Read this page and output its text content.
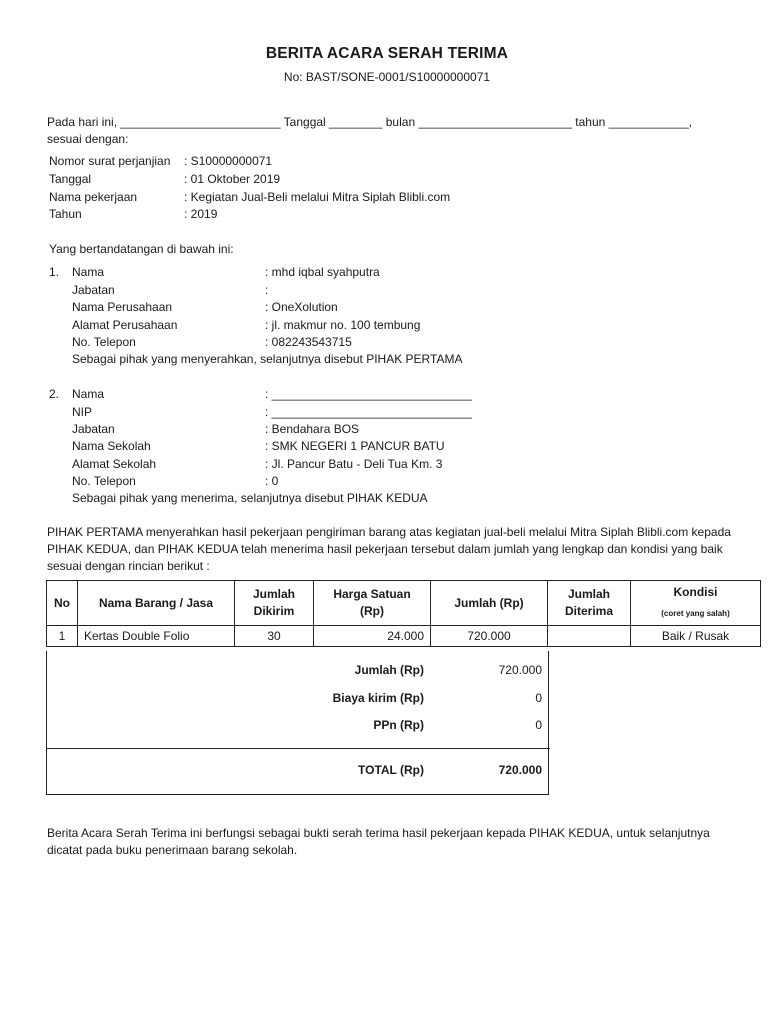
BERITA ACARA SERAH TERIMA
No: BAST/SONE-0001/S10000000071
Pada hari ini, ________________________ Tanggal ________ bulan _______________________ tahun ____________, sesuai dengan:
Nomor surat perjanjian : S10000000071
Tanggal	: 01 Oktober 2019
Nama pekerjaan	: Kegiatan Jual-Beli melalui Mitra Siplah Blibli.com
Tahun	: 2019
Yang bertandatangan di bawah ini:
1. Nama	: mhd iqbal syahputra
Jabatan	:
Nama Perusahaan	: OneXolution
Alamat Perusahaan	: jl. makmur no. 100 tembung
No. Telepon	: 082243543715
Sebagai pihak yang menyerahkan, selanjutnya disebut PIHAK PERTAMA
2. Nama	: ______________________________
NIP	: ______________________________
Jabatan	: Bendahara BOS
Nama Sekolah	: SMK NEGERI 1 PANCUR BATU
Alamat Sekolah	: Jl. Pancur Batu - Deli Tua Km. 3
No. Telepon	: 0
Sebagai pihak yang menerima, selanjutnya disebut PIHAK KEDUA
PIHAK PERTAMA menyerahkan hasil pekerjaan pengiriman barang atas kegiatan jual-beli melalui Mitra Siplah Blibli.com kepada PIHAK KEDUA, dan PIHAK KEDUA telah menerima hasil pekerjaan tersebut dalam jumlah yang lengkap dan kondisi yang baik sesuai dengan rincian berikut :
No	Nama Barang / Jasa	Jumlah Dikirim	Harga Satuan (Rp)	Jumlah (Rp)	Jumlah Diterima	Kondisi
(coret yang salah)

1	Kertas Double Folio	30	24.000	720.000		Baik / Rusak
Jumlah (Rp)	720.000
Biaya kirim (Rp)	0
PPn (Rp)	0
TOTAL (Rp)	720.000
Berita Acara Serah Terima ini berfungsi sebagai bukti serah terima hasil pekerjaan kepada PIHAK KEDUA, untuk selanjutnya dicatat pada buku penerimaan barang sekolah.
